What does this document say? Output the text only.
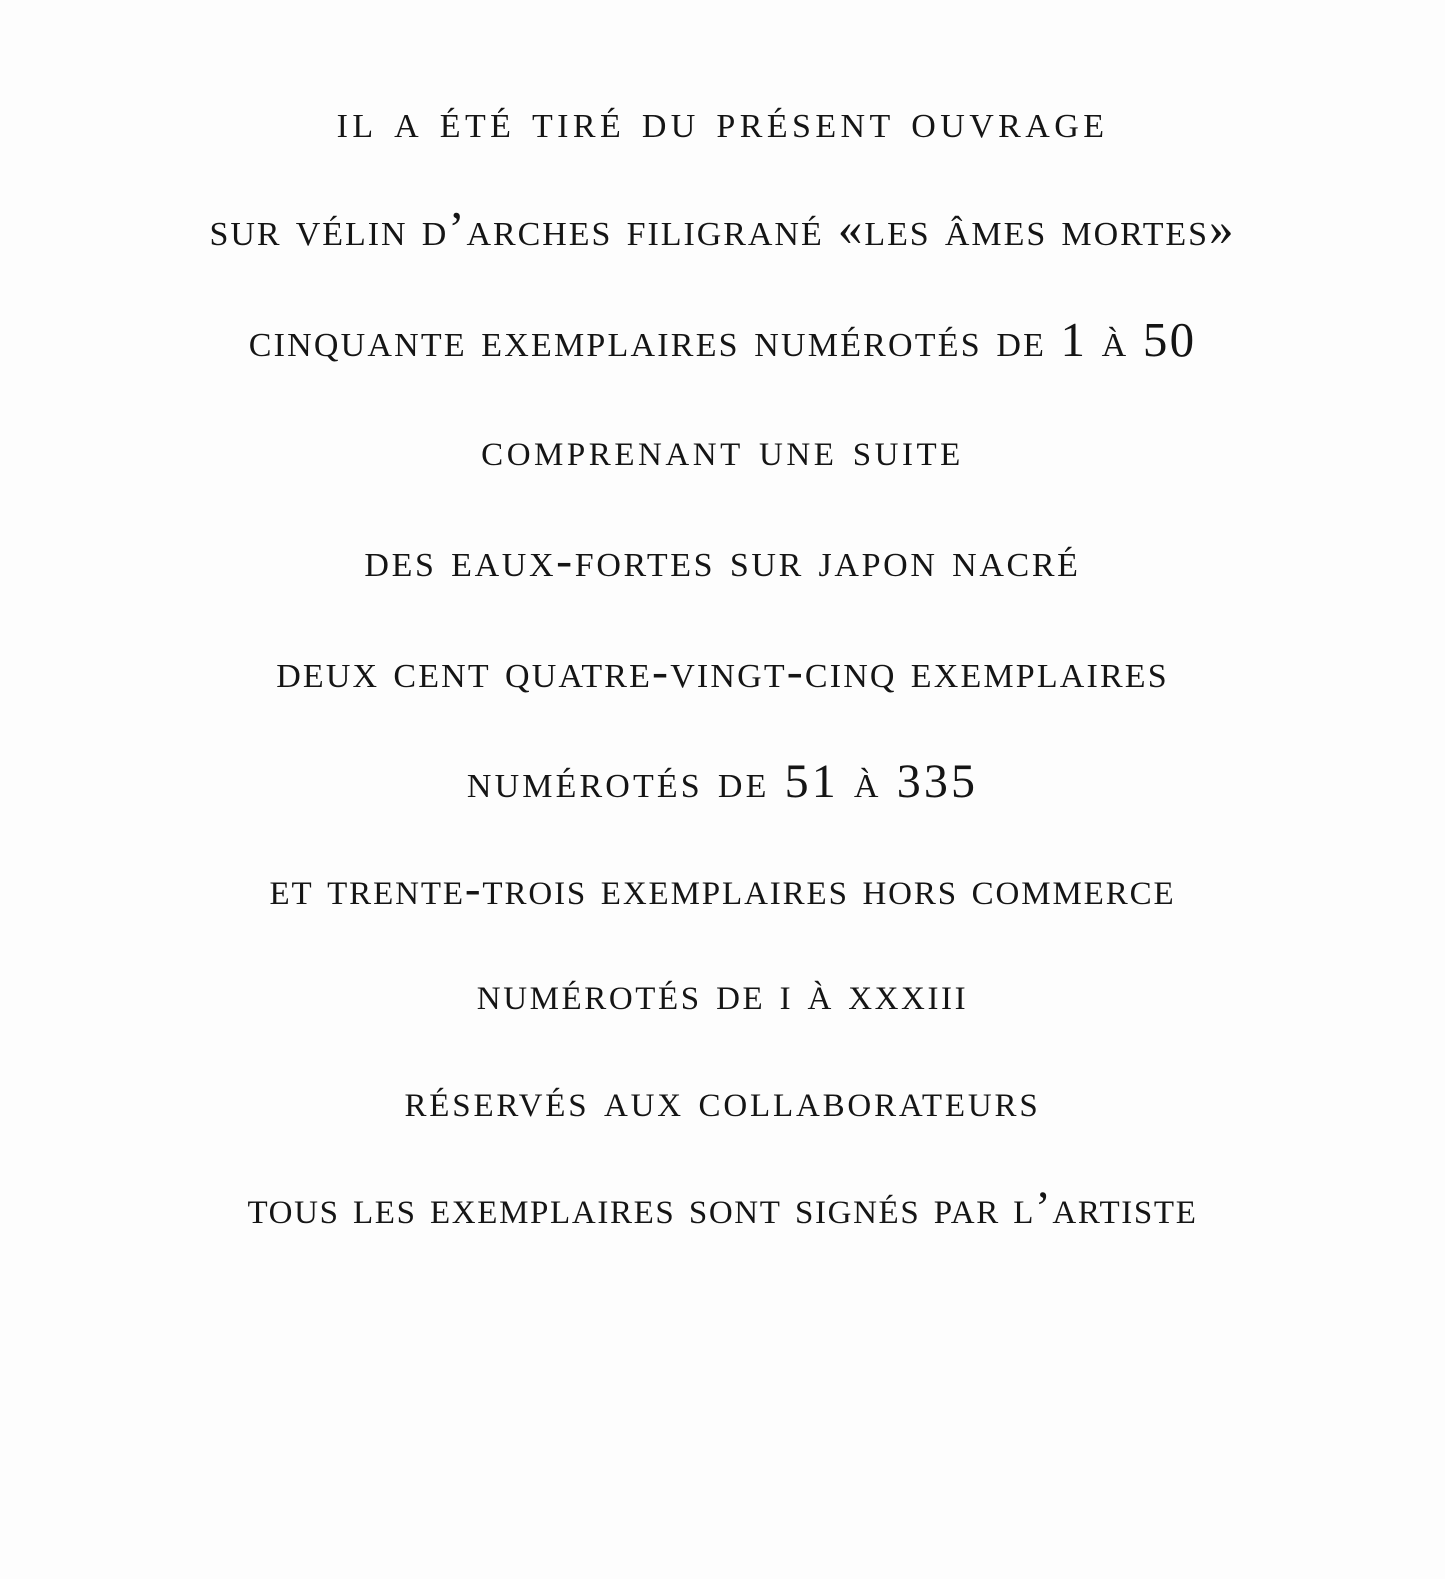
il a été tiré du présent ouvrage
sur vélin d’arches filigrané «les âmes mortes»
cinquante exemplaires numérotés de 1 à 50
comprenant une suite
des eaux-fortes sur japon nacré
deux cent quatre-vingt-cinq exemplaires
numérotés de 51 à 335
et trente-trois exemplaires hors commerce
numérotés de i à xxxiii
réservés aux collaborateurs
tous les exemplaires sont signés par l’artiste
